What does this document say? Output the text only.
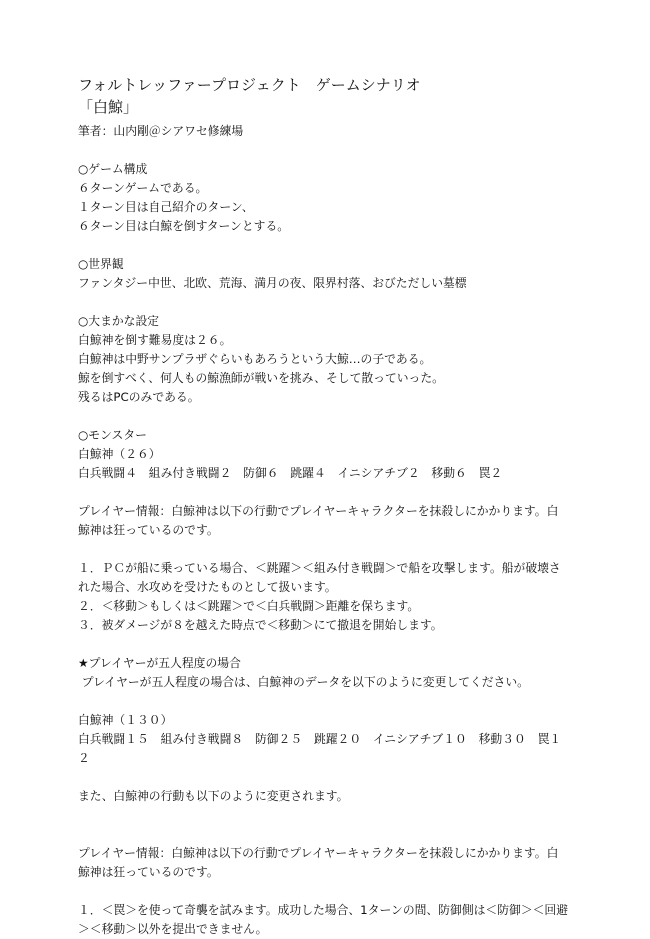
フォルトレッファープロジェクト　ゲームシナリオ

「白鯨」

筆者：山内剛＠シアワセ修練場

○ゲーム構成

６ターンゲームである。

１ターン目は自己紹介のターン、

６ターン目は白鯨を倒すターンとする。

○世界観

ファンタジー中世、北欧、荒海、満月の夜、限界村落、おびただしい墓標

○大まかな設定

白鯨神を倒す難易度は２６。

白鯨神は中野サンプラザぐらいもあろうという大鯨…の子である。

鯨を倒すべく、何人もの鯨漁師が戦いを挑み、そして散っていった。

残るはPCのみである。

○モンスター

白鯨神（２６）

白兵戦闘４　組み付き戦闘２　防御６　跳躍４　イニシアチブ２　移動６　罠２

プレイヤー情報：白鯨神は以下の行動でプレイヤーキャラクターを抹殺しにかかります。白鯨神は狂っているのです。

１．ＰＣが船に乗っている場合、＜跳躍＞＜組み付き戦闘＞で船を攻撃します。船が破壊された場合、水攻めを受けたものとして扱います。

２．＜移動＞もしくは＜跳躍＞で＜白兵戦闘＞距離を保ちます。

３．被ダメージが８を越えた時点で＜移動＞にて撤退を開始します。

★プレイヤーが五人程度の場合

プレイヤーが五人程度の場合は、白鯨神のデータを以下のように変更してください。

白鯨神（１３０）

白兵戦闘１５　組み付き戦闘８　防御２５　跳躍２０　イニシアチブ１０　移動３０　罠１２

また、白鯨神の行動も以下のように変更されます。

プレイヤー情報：白鯨神は以下の行動でプレイヤーキャラクターを抹殺しにかかります。白鯨神は狂っているのです。

１．＜罠＞を使って奇襲を試みます。成功した場合、1ターンの間、防御側は＜防御＞＜回避＞＜移動＞以外を提出できません。
